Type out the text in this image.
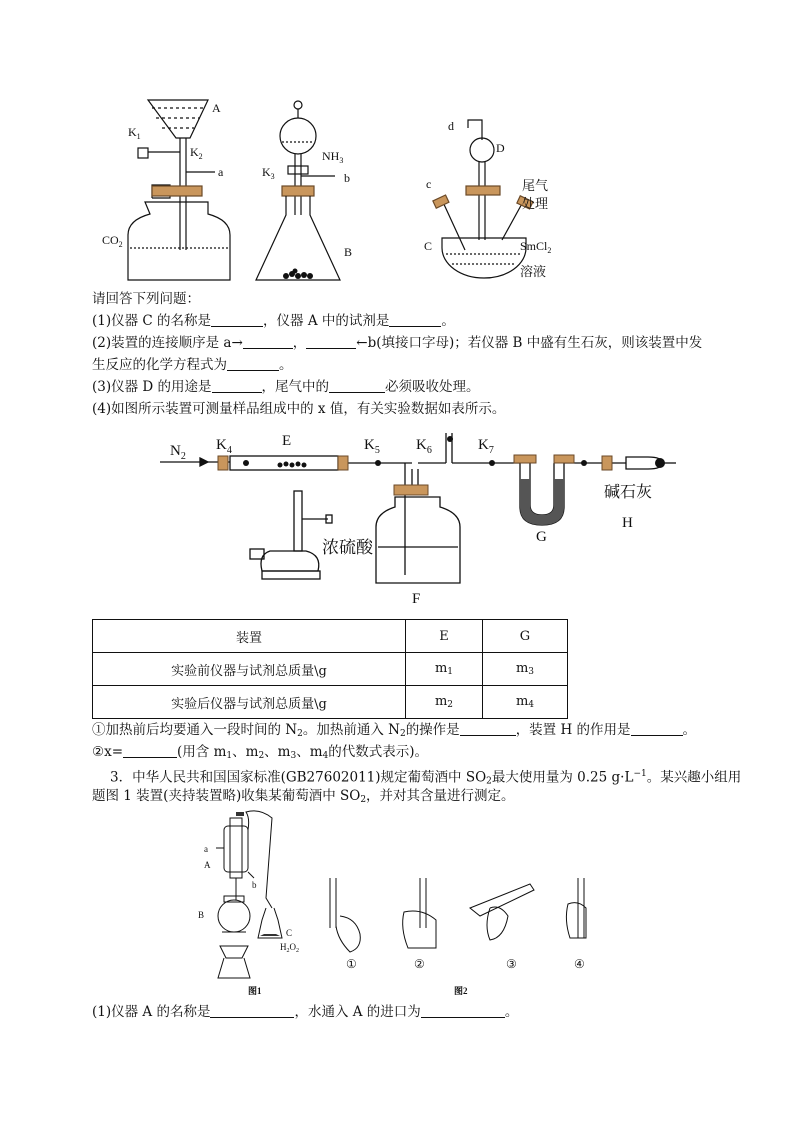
A
$K_1$
$K_2$
a
$CO_2$
$K_3$
$NH_3$
b
B
d
D
c	尾气
处理
C	SmCl$_2$
溶液
请回答下列问题：
(1)仪器 C 的名称是	，仪器 A 中的试剂是	。
(2)装置的连接顺序是 a→	，	←b(填接口字母)；若仪器 B 中盛有生石灰，则该装置中发
生反应的化学方程式为	。
(3)仪器 D 的用途是	，尾气中的	必须吸收处理。
(4)如图所示装置可测量样品组成中的 x 值，有关实验数据如表所示。
$N_2$
$K_4$
E	$K_5$ $K_6$	$K_7$
碱石灰
H
G
浓硫酸
F
装置	E	G
实验前仪器与试剂总质量\g	$m_1$	$m_3$
实验后仪器与试剂总质量\g	$m_2$	$m_4$
①加热前后均要通入一段时间的 $N_2$。加热前通入 $N_2$的操作是	，装置 H 的作用是	。
②x=	(用含 $m_1$、$m_2$、$m_3$、$m_4$的代数式表示)。
3．中华人民共和国国家标准(GB27602011)规定葡萄酒中 $SO_2$最大使用量为 0.25 $g\cdot L^{-1}$。某兴趣小组用
题图 1 装置(夹持装置略)收集某葡萄酒中 $SO_2$，并对其含量进行测定。
a
A
b
B
C
$H_2O_2$
图1	图2
①	②	③	④
(1)仪器 A 的名称是	，水通入 A 的进口为	。
